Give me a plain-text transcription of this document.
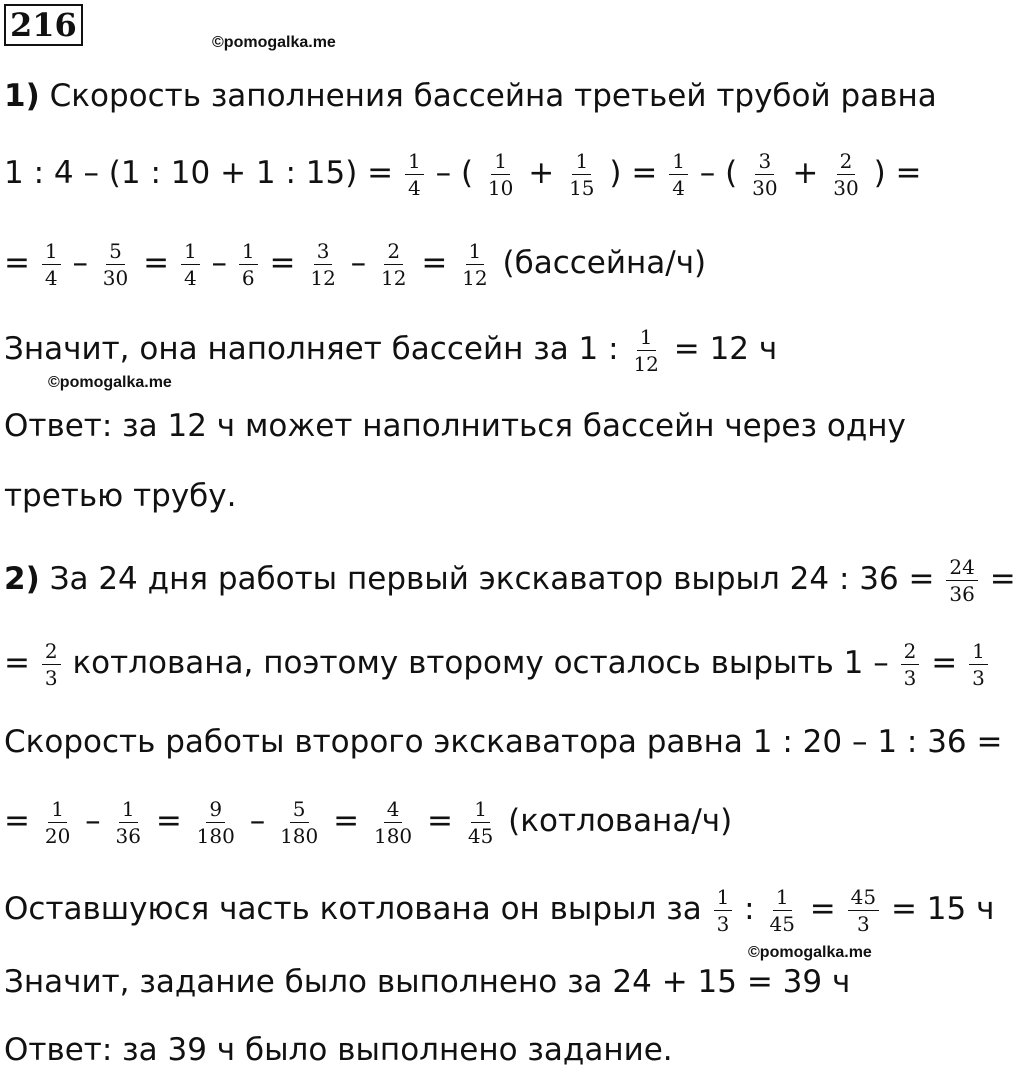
216	©pomogalka.me
1) Скорость заполнения бассейна третьей трубой равна
1 : 4 – (1 : 10 + 1 : $15) = \frac{1}{4}$ – ( $\frac{1}{10} + \frac{1}{15}$ ) = $\frac{1}{4}$ – ( $\frac{3}{30} + \frac{2}{30}$ ) =
= $\frac{1}{4} - \frac{5}{30} = \frac{1}{4} - \frac{1}{6} = \frac{3}{12} - \frac{2}{12} = \frac{1}{12}$ (бассейна/ч)
Значит, она наполняет бассейн за 1 : $\frac{1}{12} = 12$ ч
©pomogalka.me
Ответ: за 12 ч может наполниться бассейн через одну
третью трубу.
2) За 24 дня работы первый экскаватор вырыл 24 : $36 = \frac{24}{36}$ =
= $\frac{2}{3}$ котлована, поэтому второму осталось вырыть $1 - \frac{2}{3} = \frac{1}{3}$
Скорость работы второго экскаватора равна 1 : 20 – 1 : 36 =
= $\frac{1}{20} - \frac{1}{36} = \frac{9}{180} - \frac{5}{180} = \frac{4}{180} = \frac{1}{45}$ (котлована/ч)
Оставшуюся часть котлована он вырыл за $\frac{1}{3}$ : $\frac{1}{45} = \frac{45}{3} = 15$ ч
©pomogalka.me
Значит, задание было выполнено за 24 + 15 = 39 ч
Ответ: за 39 ч было выполнено задание.
